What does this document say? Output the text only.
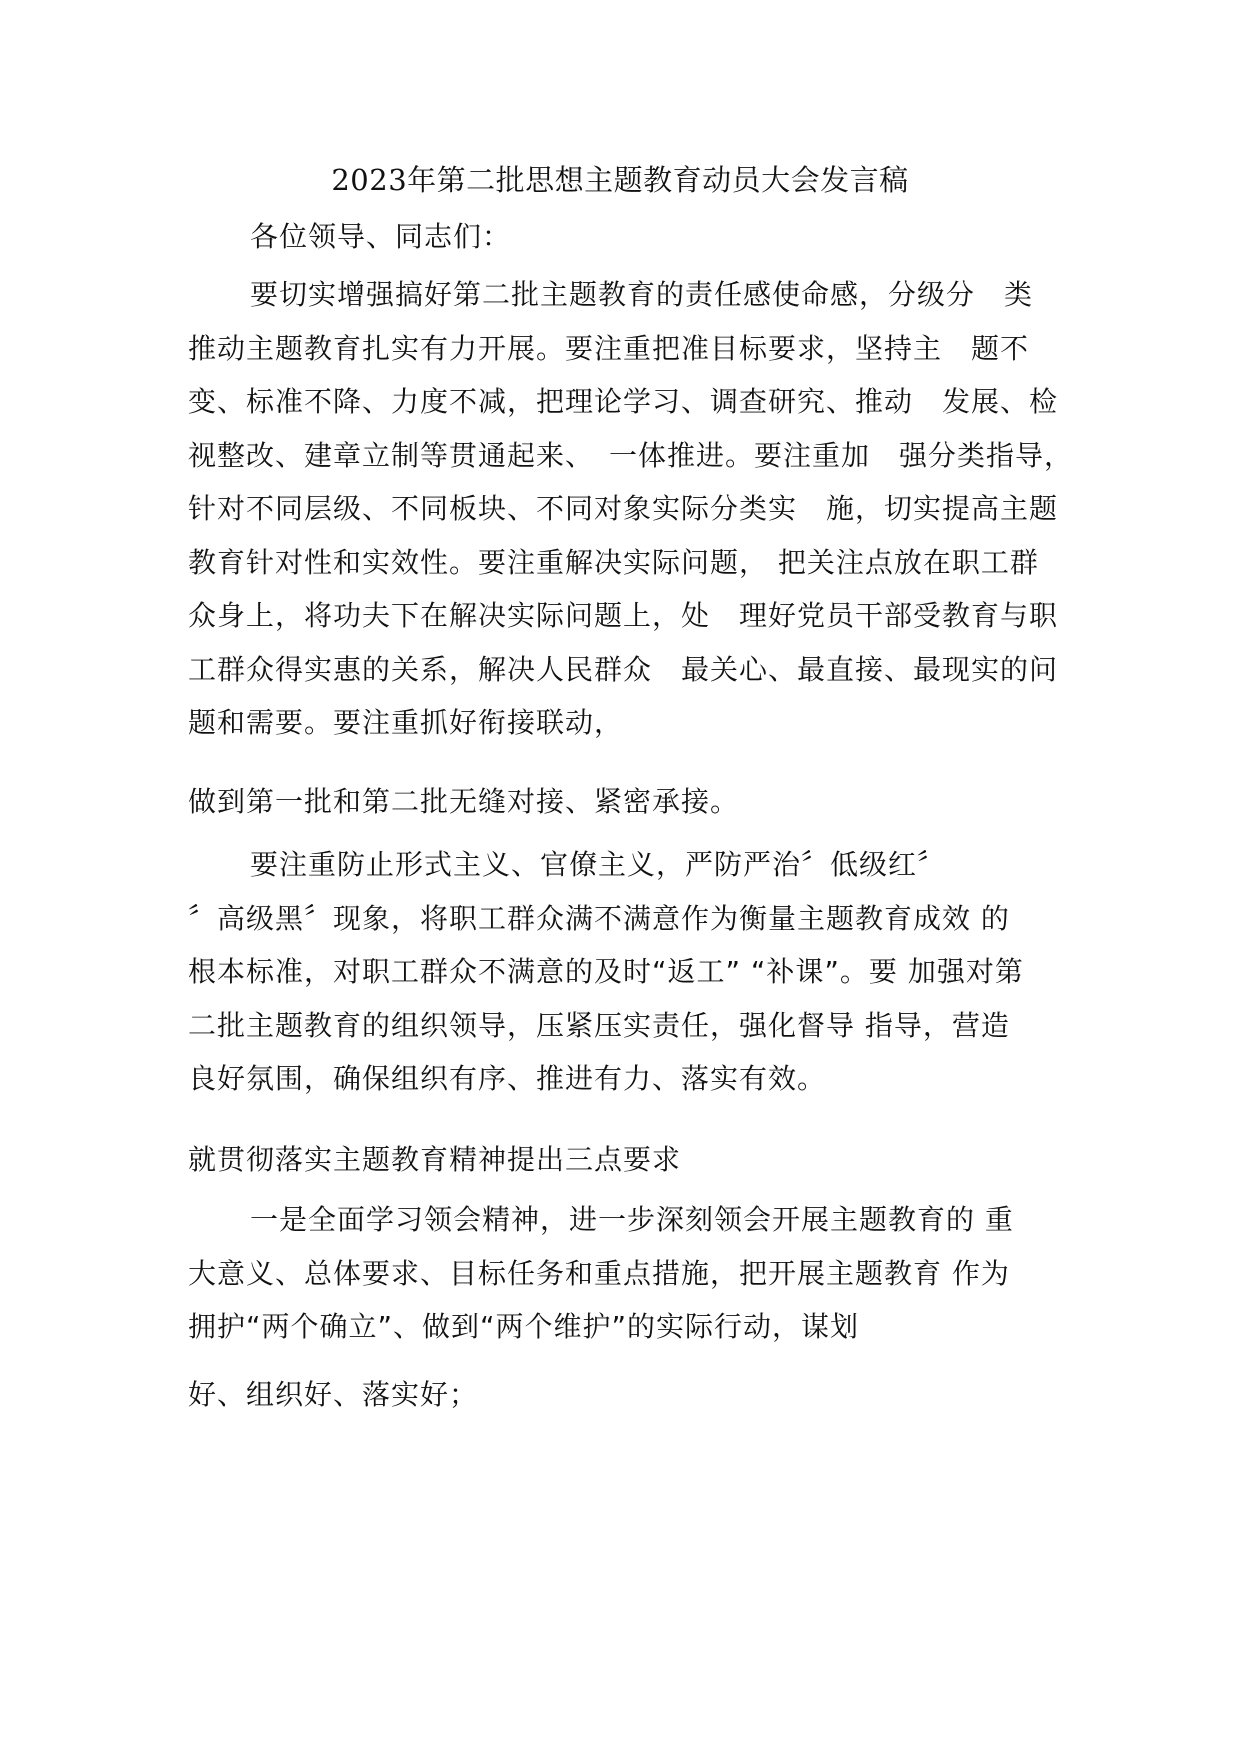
2023年第二批思想主题教育动员大会发言稿
各位领导、同志们：
要切实增强搞好第二批主题教育的责任感使命感，分级分　类
推动主题教育扎实有力开展。要注重把准目标要求，坚持主　题不
变、标准不降、力度不减，把理论学习、调查研究、推动　发展、检
视整改、建章立制等贯通起来、　一体推进。要注重加　强分类指导，
针对不同层级、不同板块、不同对象实际分类实　施，切实提高主题
教育针对性和实效性。要注重解决实际问题， 把关注点放在职工群
众身上，将功夫下在解决实际问题上，处　理好党员干部受教育与职
工群众得实惠的关系，解决人民群众　最关心、最直接、最现实的问
题和需要。要注重抓好衔接联动，
做到第一批和第二批无缝对接、紧密承接。
要注重防止形式主义、官僚主义，严防严治〞低级红〞
〞高级黑〞现象，将职工群众满不满意作为衡量主题教育成效 的
根本标准，对职工群众不满意的及时“返工” “补课”。要 加强对第
二批主题教育的组织领导，压紧压实责任，强化督导 指导，营造
良好氛围，确保组织有序、推进有力、落实有效。
就贯彻落实主题教育精神提出三点要求
一是全面学习领会精神，进一步深刻领会开展主题教育的 重
大意义、总体要求、目标任务和重点措施，把开展主题教育 作为
拥护“两个确立”、做到“两个维护”的实际行动，谋划
好、组织好、落实好；
